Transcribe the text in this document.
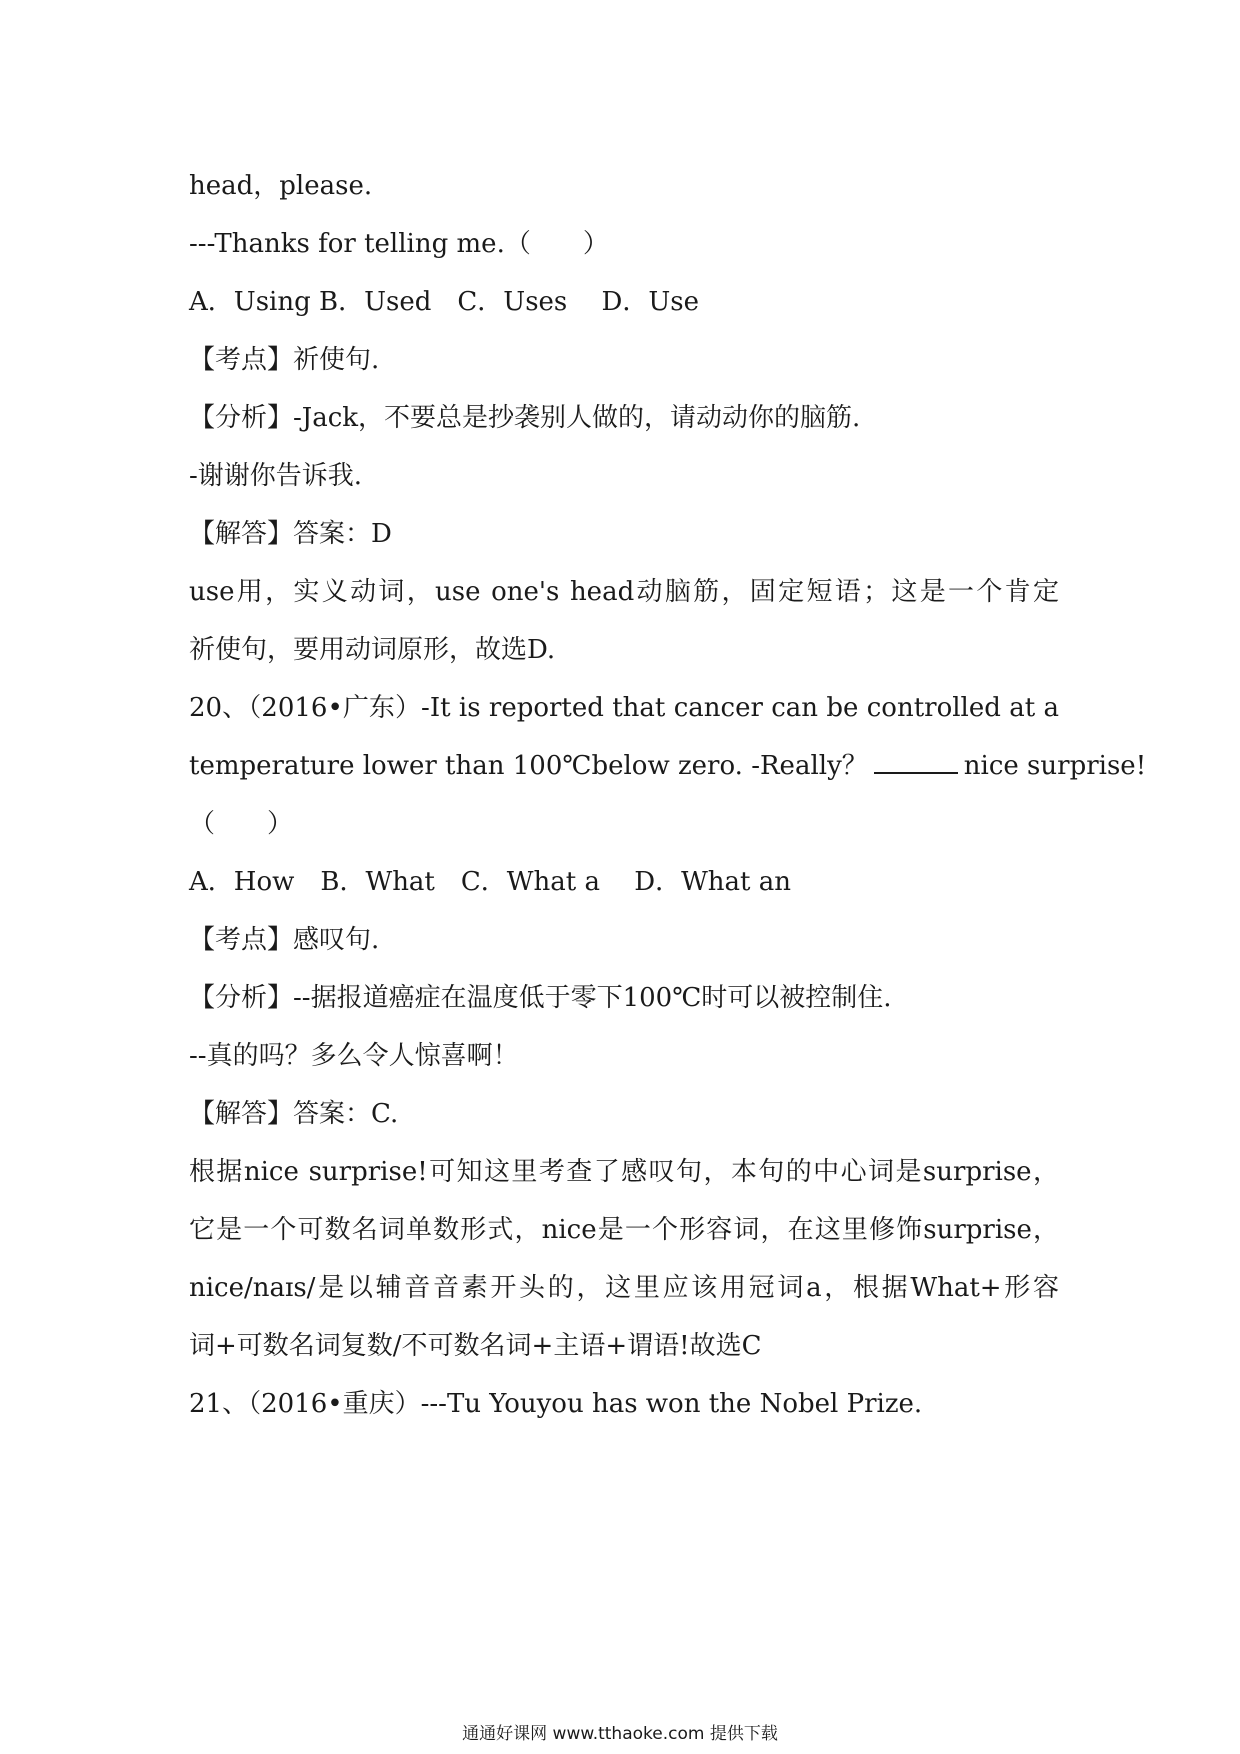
head，please.
---Thanks for telling me.（　　）
A．Using B．Used　C．Uses　 D．Use
【考点】祈使句.
【分析】-Jack，不要总是抄袭别人做的，请动动你的脑筋.
-谢谢你告诉我.
【解答】答案：D
use用，实义动词，use one's head动脑筋，固定短语；这是一个肯定
祈使句，要用动词原形，故选D.
20、（2016•广东）-It is reported that cancer can be controlled at a
temperature lower than 100℃below zero. -Really？	nice surprise!
（　　）
A．How　B．What　C．What a　 D．What an
【考点】感叹句.
【分析】--据报道癌症在温度低于零下100℃时可以被控制住.
--真的吗？多么令人惊喜啊！
【解答】答案：C.
根据nice surprise!可知这里考查了感叹句，本句的中心词是surprise，
它是一个可数名词单数形式，nice是一个形容词，在这里修饰surprise，
nice/naɪs/是以辅音音素开头的，这里应该用冠词a，根据What+形容
词+可数名词复数/不可数名词+主语+谓语!故选C
21、（2016•重庆）---Tu Youyou has won the Nobel Prize.
通通好课网 www.tthaoke.com 提供下载
